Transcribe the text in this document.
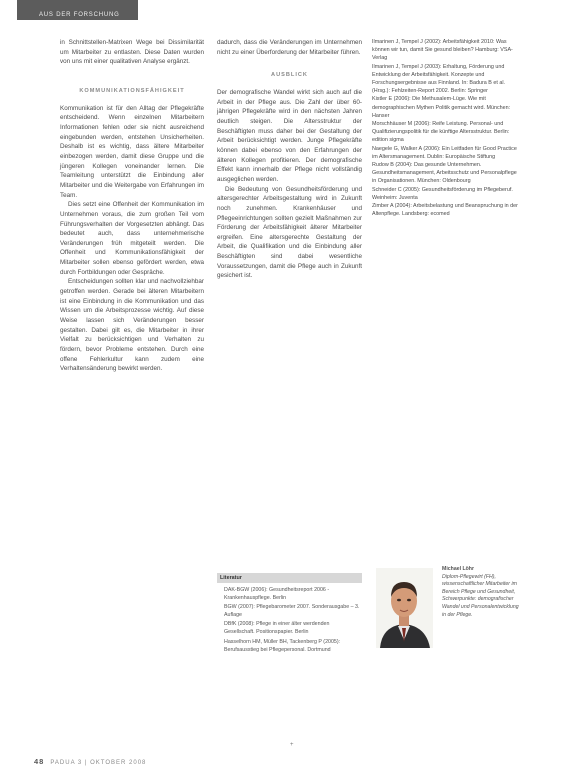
AUS DER FORSCHUNG

in Schnittstellen-Matrixen Wege bei Dissimilarität um Mitarbeiter zu entlasten. Diese Daten wurden von uns mit einer qualitativen Analyse ergänzt.

KOMMUNIKATIONSFÄHIGKEIT

Kommunikation ist für den Alltag der Pflegekräfte entscheidend. Wenn einzelnen Mitarbeitern Informationen fehlen oder sie nicht ausreichend eingebunden werden, entstehen Unsicherheiten. Deshalb ist es wichtig, dass ältere Mitarbeiter einbezogen werden, damit diese Gruppe und die jüngeren Kollegen voneinander lernen. Die Teamleitung unterstützt die Einbindung aller Mitarbeiter und die Weitergabe von Erfahrungen im Team.

Dies setzt eine Offenheit der Kommunikation im Unternehmen voraus, die zum großen Teil vom Führungsverhalten der Vorgesetzten abhängt. Das bedeutet auch, dass unternehmerische Veränderungen früh mitgeteilt werden. Die Offenheit und Kommunikationsfähigkeit der Mitarbeiter sollen ebenso gefördert werden, etwa durch Fortbildungen oder Gespräche.

Entscheidungen sollten klar und nachvollziehbar getroffen werden. Gerade bei älteren Mitarbeitern ist eine Einbindung in die Kommunikation und das Wissen um die Arbeitsprozesse wichtig. Auf diese Weise lassen sich Veränderungen besser gestalten. Dabei gilt es, die Mitarbeiter in ihrer Vielfalt zu berücksichtigen und Verhalten zu fördern, bevor Probleme entstehen. Durch eine offene Fehlerkultur kann zudem eine Verhaltensänderung bewirkt werden.

dadurch, dass die Veränderungen im Unternehmen nicht zu einer Überforderung der Mitarbeiter führen.

AUSBLICK

Der demografische Wandel wirkt sich auch auf die Arbeit in der Pflege aus. Die Zahl der über 60-jährigen Pflegekräfte wird in den nächsten Jahren deutlich steigen. Die Altersstruktur der Beschäftigten muss daher bei der Gestaltung der Arbeit berücksichtigt werden. Junge Pflegekräfte können dabei ebenso von den Erfahrungen der älteren Kollegen profitieren. Der demografische Effekt kann innerhalb der Pflege nicht vollständig ausgeglichen werden.

Die Bedeutung von Gesundheitsförderung und altersgerechter Arbeitsgestaltung wird in Zukunft noch zunehmen. Krankenhäuser und Pflegeeinrichtungen sollten gezielt Maßnahmen zur Förderung der Arbeitsfähigkeit älterer Mitarbeiter ergreifen. Eine altersgerechte Gestaltung der Arbeit, die Qualifikation und die Einbindung aller Beschäftigten sind dabei wesentliche Voraussetzungen, damit die Pflege auch in Zukunft gesichert ist.

Literatur

DAK-BGW (2006): Gesundheitsreport 2006 - Krankenhauspflege. Berlin

BGW (2007): Pflegebarometer 2007. Sonderausgabe – 3. Auflage

DBfK (2008): Pflege in einer älter werdenden Gesellschaft. Positionspapier. Berlin

Hasselhorn HM, Müller BH, Tackenberg P (2005): Berufsausstieg bei Pflegepersonal. Dortmund

Ilmarinen J, Tempel J (2002): Arbeitsfähigkeit 2010: Was können wir tun, damit Sie gesund bleiben? Hamburg: VSA-Verlag

Ilmarinen J, Tempel J (2003): Erhaltung, Förderung und Entwicklung der Arbeitsfähigkeit. Konzepte und Forschungsergebnisse aus Finnland. In: Badura B et al. (Hrsg.): Fehlzeiten-Report 2002. Berlin: Springer

Kistler E (2006): Die Methusalem-Lüge. Wie mit demographischen Mythen Politik gemacht wird. München: Hanser

Morschhäuser M (2006): Reife Leistung. Personal- und Qualifizierungspolitik für die künftige Altersstruktur. Berlin: edition sigma

Naegele G, Walker A (2006): Ein Leitfaden für Good Practice im Altersmanagement. Dublin: Europäische Stiftung

Rudow B (2004): Das gesunde Unternehmen. Gesundheitsmanagement, Arbeitsschutz und Personalpflege in Organisationen. München: Oldenbourg

Schneider C (2005): Gesundheitsförderung im Pflegeberuf. Weinheim: Juventa

Zimber A (2004): Arbeitsbelastung und Beanspruchung in der Altenpflege. Landsberg: ecomed

Michael Löhr
Diplom-Pflegewirt (FH), wissenschaftlicher Mitarbeiter im Bereich Pflege und Gesundheit, Schwerpunkte: demografischer Wandel und Personalentwicklung in der Pflege.
+
48 PADUA 3 | OKTOBER 2008
